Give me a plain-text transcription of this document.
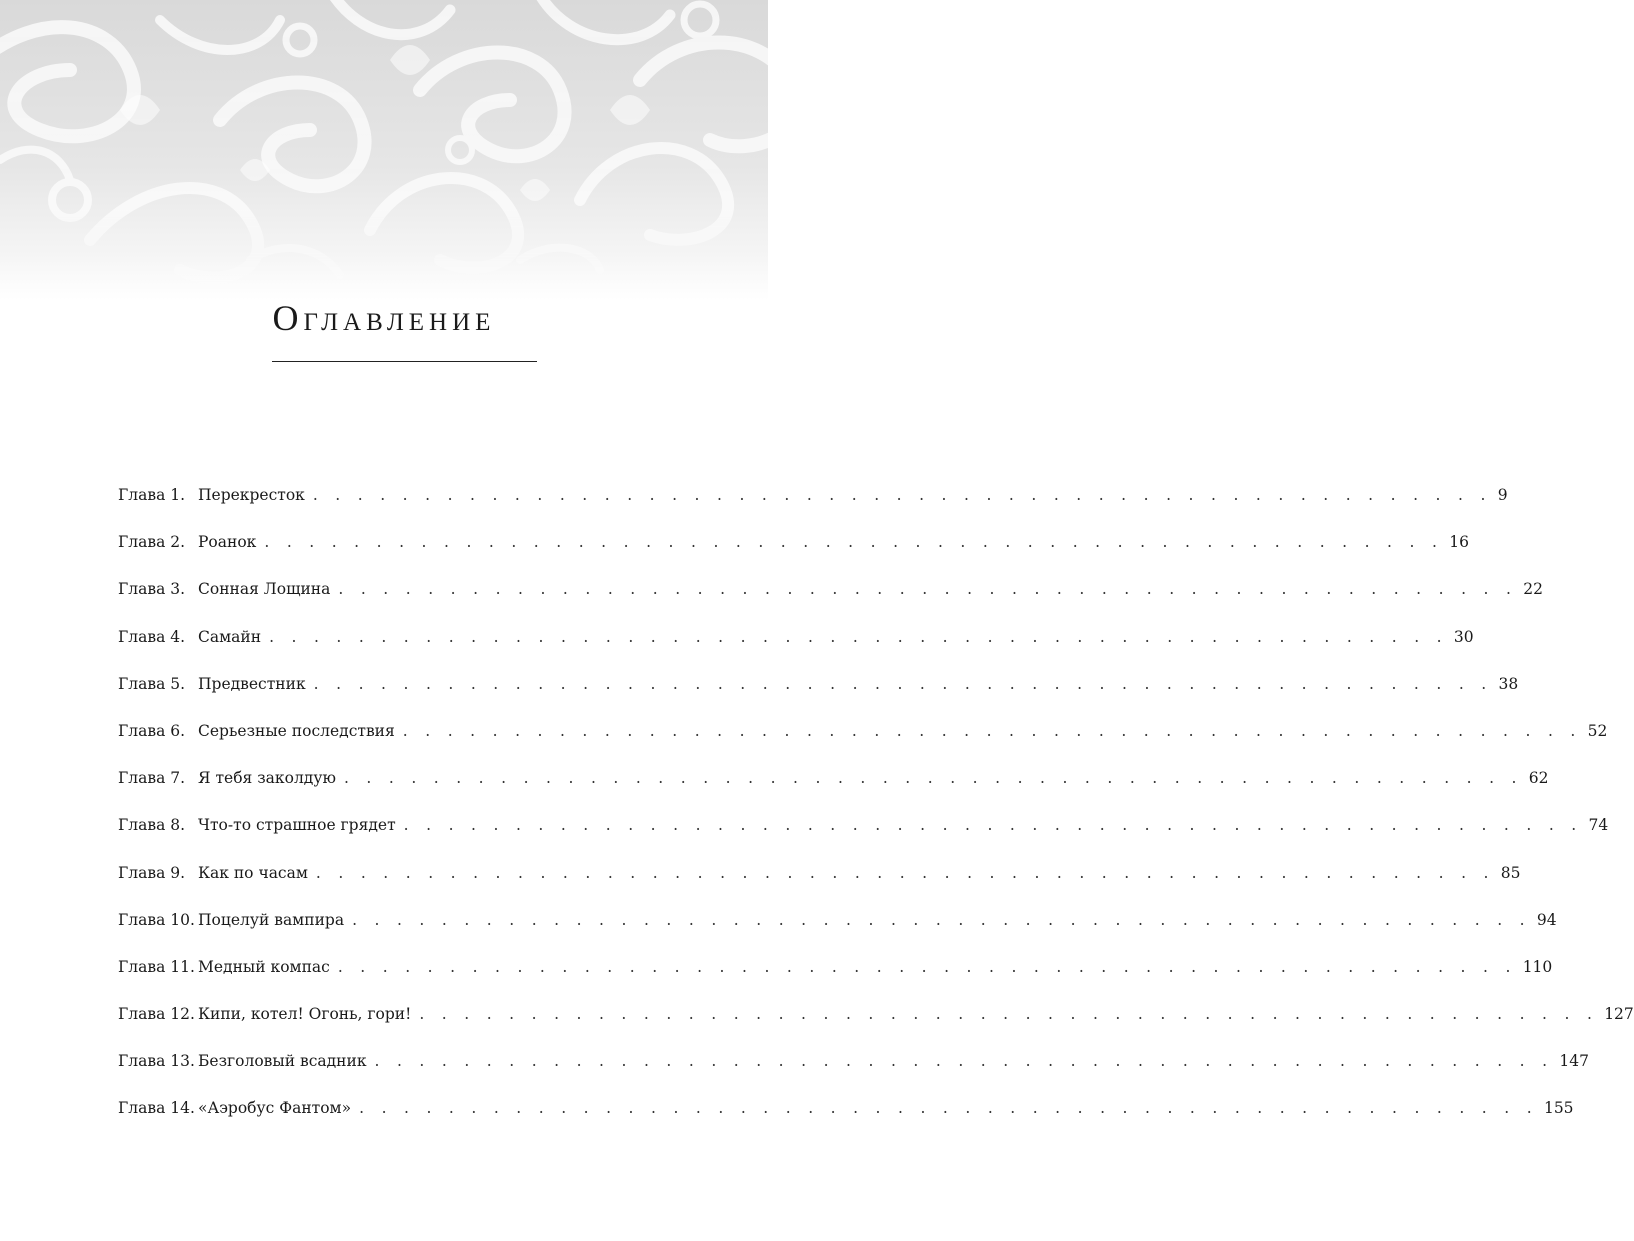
Оглавление
Глава 1. Перекресток . . . . . . . . . . . . . . . . . . . . . . . . . . . . . . . . . . . . . . . . . . . . . . . . . . . . . 9
Глава 2. Роанок . . . . . . . . . . . . . . . . . . . . . . . . . . . . . . . . . . . . . . . . . . . . . . . . . . . . . 16
Глава 3. Сонная Лощина . . . . . . . . . . . . . . . . . . . . . . . . . . . . . . . . . . . . . . . . . . . . . . . . . . . . . 22
Глава 4. Самайн . . . . . . . . . . . . . . . . . . . . . . . . . . . . . . . . . . . . . . . . . . . . . . . . . . . . . 30
Глава 5. Предвестник . . . . . . . . . . . . . . . . . . . . . . . . . . . . . . . . . . . . . . . . . . . . . . . . . . . . . 38
Глава 6. Серьезные последствия . . . . . . . . . . . . . . . . . . . . . . . . . . . . . . . . . . . . . . . . . . . . . . . . . . . . . 52
Глава 7. Я тебя заколдую . . . . . . . . . . . . . . . . . . . . . . . . . . . . . . . . . . . . . . . . . . . . . . . . . . . . . 62
Глава 8. Что-то страшное грядет . . . . . . . . . . . . . . . . . . . . . . . . . . . . . . . . . . . . . . . . . . . . . . . . . . . . . 74
Глава 9. Как по часам . . . . . . . . . . . . . . . . . . . . . . . . . . . . . . . . . . . . . . . . . . . . . . . . . . . . . 85
Глава 10. Поцелуй вампира . . . . . . . . . . . . . . . . . . . . . . . . . . . . . . . . . . . . . . . . . . . . . . . . . . . . . 94
Глава 11. Медный компас . . . . . . . . . . . . . . . . . . . . . . . . . . . . . . . . . . . . . . . . . . . . . . . . . . . . . 110
Глава 12. Кипи, котел! Огонь, гори! . . . . . . . . . . . . . . . . . . . . . . . . . . . . . . . . . . . . . . . . . . . . . . . . . . . . . 127
Глава 13. Безголовый всадник . . . . . . . . . . . . . . . . . . . . . . . . . . . . . . . . . . . . . . . . . . . . . . . . . . . . . 147
Глава 14. «Аэробус Фантом» . . . . . . . . . . . . . . . . . . . . . . . . . . . . . . . . . . . . . . . . . . . . . . . . . . . . . 155
